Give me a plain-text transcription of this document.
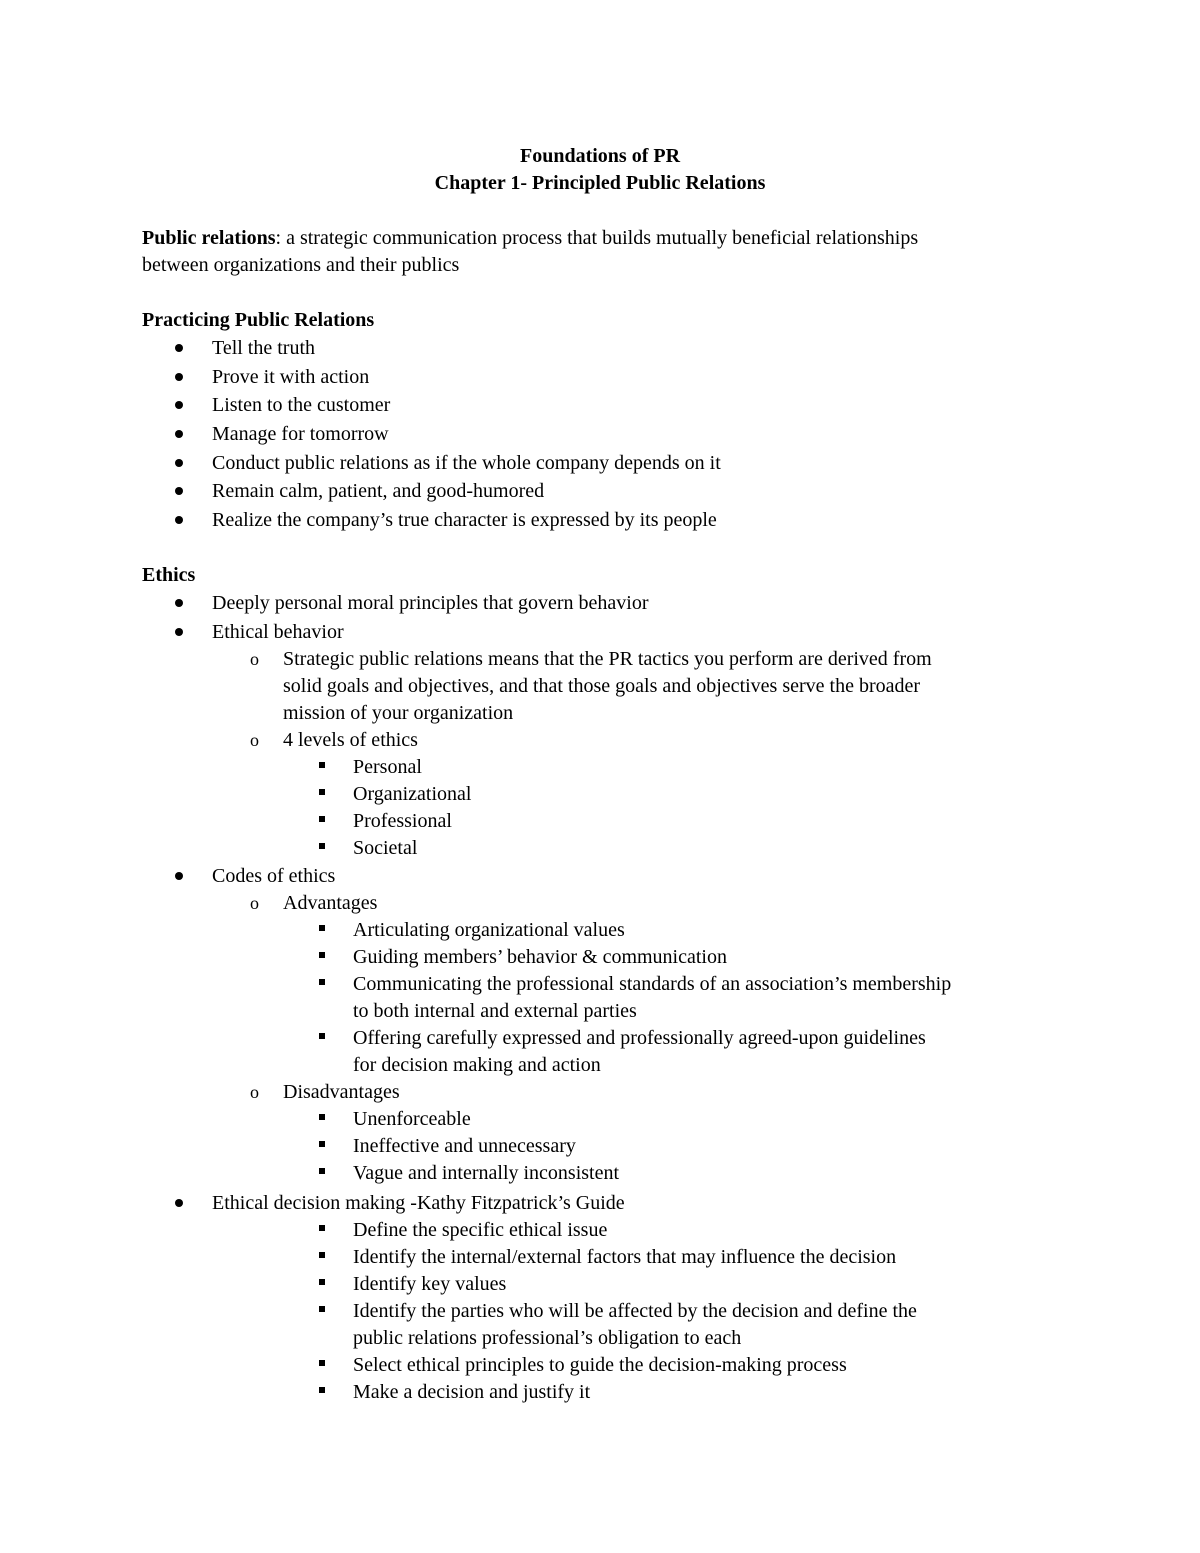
Foundations of PR
Chapter 1- Principled Public Relations
Public relations: a strategic communication process that builds mutually beneficial relationships
between organizations and their publics
Practicing Public Relations
Tell the truth
Prove it with action
Listen to the customer
Manage for tomorrow
Conduct public relations as if the whole company depends on it
Remain calm, patient, and good-humored
Realize the company’s true character is expressed by its people
Ethics
Deeply personal moral principles that govern behavior
Ethical behavior
o Strategic public relations means that the PR tactics you perform are derived from
solid goals and objectives, and that those goals and objectives serve the broader
mission of your organization
o 4 levels of ethics
Personal
Organizational
Professional
Societal
Codes of ethics
o Advantages
Articulating organizational values
Guiding members’ behavior & communication
Communicating the professional standards of an association’s membership
to both internal and external parties
Offering carefully expressed and professionally agreed-upon guidelines
for decision making and action
o Disadvantages
Unenforceable
Ineffective and unnecessary
Vague and internally inconsistent
Ethical decision making -Kathy Fitzpatrick’s Guide
Define the specific ethical issue
Identify the internal/external factors that may influence the decision
Identify key values
Identify the parties who will be affected by the decision and define the
public relations professional’s obligation to each
Select ethical principles to guide the decision-making process
Make a decision and justify it
